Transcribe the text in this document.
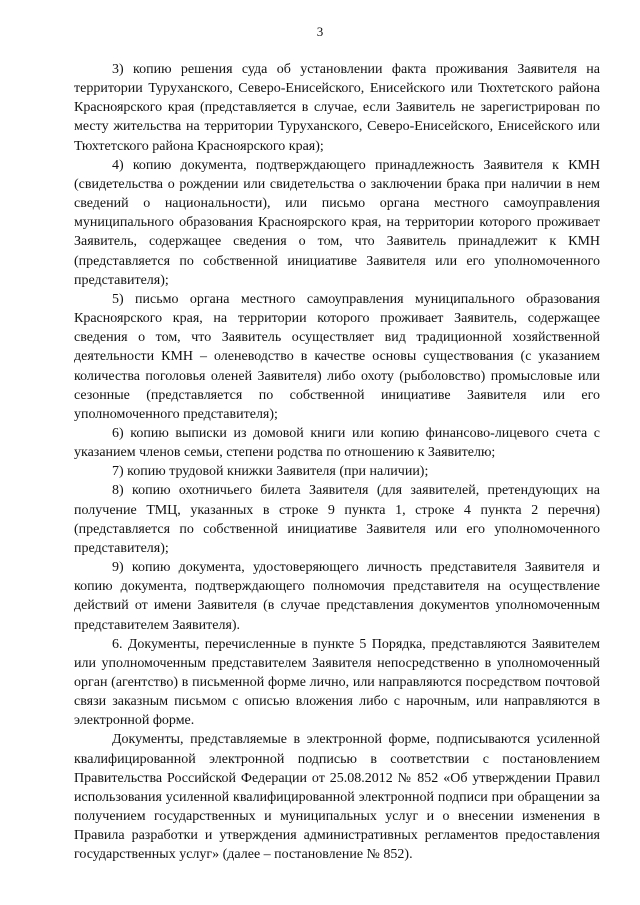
3

3) копию решения суда об установлении факта проживания Заявителя на территории Туруханского, Северо-Енисейского, Енисейского или Тюхтетского района Красноярского края (представляется в случае, если Заявитель не зарегистрирован по месту жительства на территории Туруханского, Северо-Енисейского, Енисейского или Тюхтетского района Красноярского края);

4) копию документа, подтверждающего принадлежность Заявителя к КМН (свидетельства о рождении или свидетельства о заключении брака при наличии в нем сведений о национальности), или письмо органа местного самоуправления муниципального образования Красноярского края, на территории которого проживает Заявитель, содержащее сведения о том, что Заявитель принадлежит к КМН (представляется по собственной инициативе Заявителя или его уполномоченного представителя);

5) письмо органа местного самоуправления муниципального образования Красноярского края, на территории которого проживает Заявитель, содержащее сведения о том, что Заявитель осуществляет вид традиционной хозяйственной деятельности КМН – оленеводство в качестве основы существования (с указанием количества поголовья оленей Заявителя) либо охоту (рыболовство) промысловые или сезонные (представляется по собственной инициативе Заявителя или его уполномоченного представителя);

6) копию выписки из домовой книги или копию финансово-лицевого счета с указанием членов семьи, степени родства по отношению к Заявителю;

7) копию трудовой книжки Заявителя (при наличии);

8) копию охотничьего билета Заявителя (для заявителей, претендующих на получение ТМЦ, указанных в строке 9 пункта 1, строке 4 пункта 2 перечня) (представляется по собственной инициативе Заявителя или его уполномоченного представителя);

9) копию документа, удостоверяющего личность представителя Заявителя и копию документа, подтверждающего полномочия представителя на осуществление действий от имени Заявителя (в случае представления документов уполномоченным представителем Заявителя).

6. Документы, перечисленные в пункте 5 Порядка, представляются Заявителем или уполномоченным представителем Заявителя непосредственно в уполномоченный орган (агентство) в письменной форме лично, или направляются посредством почтовой связи заказным письмом с описью вложения либо с нарочным, или направляются в электронной форме.

Документы, представляемые в электронной форме, подписываются усиленной квалифицированной электронной подписью в соответствии с постановлением Правительства Российской Федерации от 25.08.2012 № 852 «Об утверждении Правил использования усиленной квалифицированной электронной подписи при обращении за получением государственных и муниципальных услуг и о внесении изменения в Правила разработки и утверждения административных регламентов предоставления государственных услуг» (далее – постановление № 852).
